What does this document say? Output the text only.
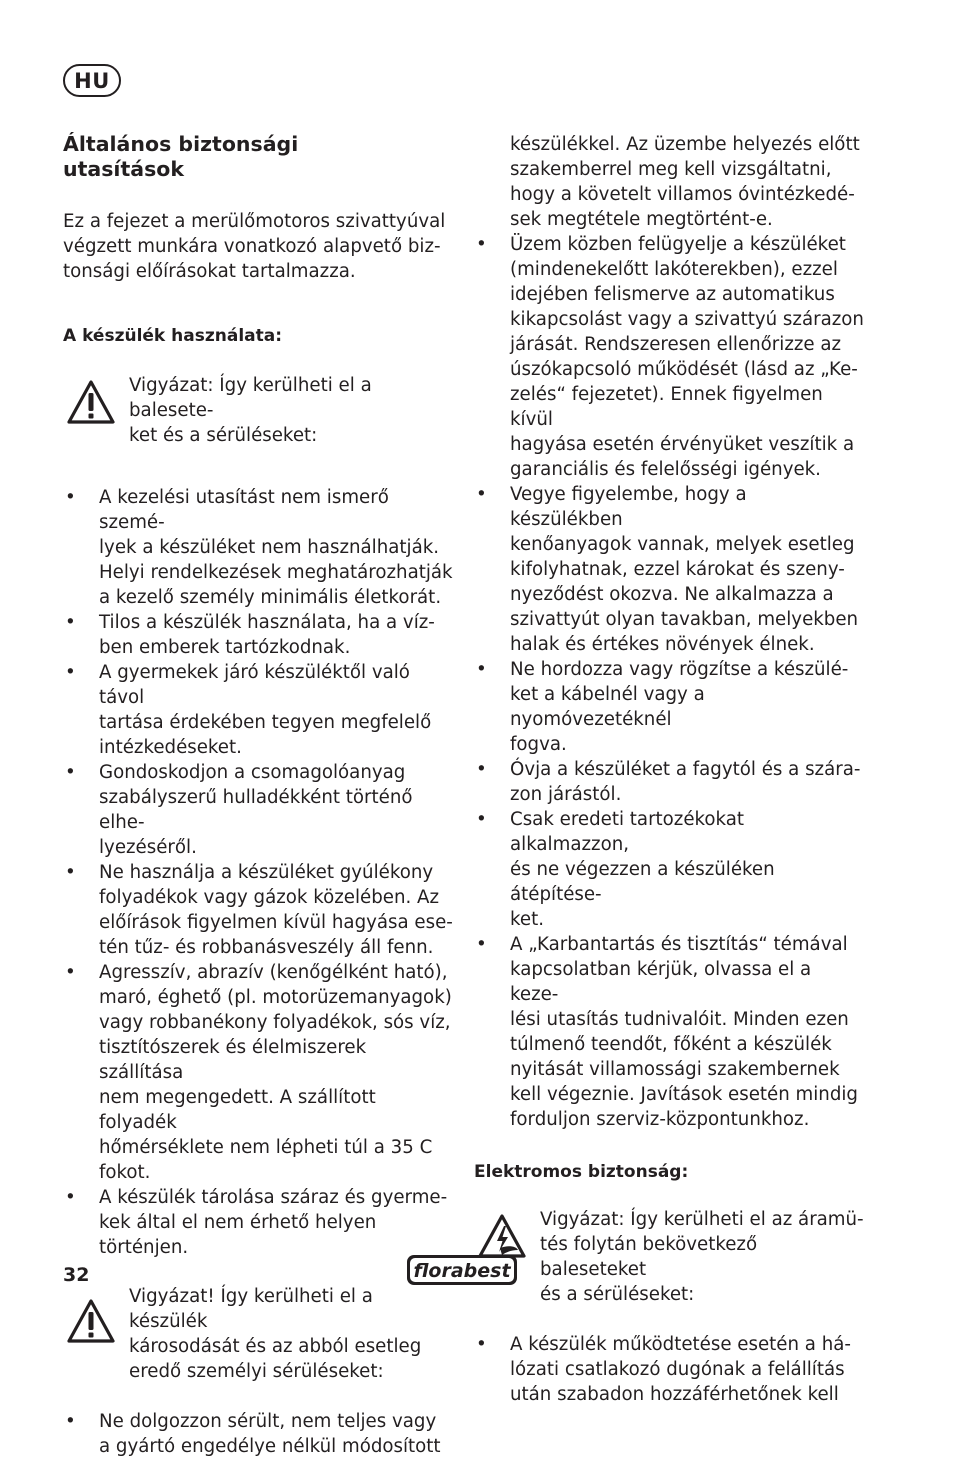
HU
Általános biztonsági
utasítások

Ez a fejezet a merülőmotoros szivattyúval
végzett munkára vonatkozó alapvető biz-
tonsági előírásokat tartalmazza.

A készülék használata:

Vigyázat: Így kerülheti el a balesete-
ket és a sérüléseket:

• A kezelési utasítást nem ismerő szemé-
lyek a készüléket nem használhatják.
Helyi rendelkezések meghatározhatják
a kezelő személy minimális életkorát.
• Tilos a készülék használata, ha a víz-
ben emberek tartózkodnak.
• A gyermekek járó készüléktől való távol
tartása érdekében tegyen megfelelő
intézkedéseket.
• Gondoskodjon a csomagolóanyag
szabályszerű hulladékként történő elhe-
lyezéséről.
• Ne használja a készüléket gyúlékony
folyadékok vagy gázok közelében. Az
előírások figyelmen kívül hagyása ese-
tén tűz- és robbanásveszély áll fenn.
• Agresszív, abrazív (kenőgélként ható),
maró, éghető (pl. motorüzemanyagok)
vagy robbanékony folyadékok, sós víz,
tisztítószerek és élelmiszerek szállítása
nem megengedett. A szállított folyadék
hőmérséklete nem lépheti túl a 35 C
fokot.
• A készülék tárolása száraz és gyerme-
kek által el nem érhető helyen történjen.

Vigyázat! Így kerülheti el a készülék
károsodását és az abból esetleg
eredő személyi sérüléseket:

• Ne dolgozzon sérült, nem teljes vagy
a gyártó engedélye nélkül módosított

készülékkel. Az üzembe helyezés előtt
szakemberrel meg kell vizsgáltatni,
hogy a követelt villamos óvintézkedé-
sek megtétele megtörtént-e.

• Üzem közben felügyelje a készüléket
(mindenekelőtt lakóterekben), ezzel
idejében felismerve az automatikus
kikapcsolást vagy a szivattyú szárazon
járását. Rendszeresen ellenőrizze az
úszókapcsoló működését (lásd az „Ke-
zelés“ fejezetet). Ennek figyelmen kívül
hagyása esetén érvényüket veszítik a
garanciális és felelősségi igények.
• Vegye figyelembe, hogy a készülékben
kenőanyagok vannak, melyek esetleg
kifolyhatnak, ezzel károkat és szeny-
nyeződést okozva. Ne alkalmazza a
szivattyút olyan tavakban, melyekben
halak és értékes növények élnek.
• Ne hordozza vagy rögzítse a készülé-
ket a kábelnél vagy a nyomóvezetéknél
fogva.
• Óvja a készüléket a fagytól és a szára-
zon járástól.
• Csak eredeti tartozékokat alkalmazzon,
és ne végezzen a készüléken átépítése-
ket.
• A „Karbantartás és tisztítás“ témával
kapcsolatban kérjük, olvassa el a keze-
lési utasítás tudnivalóit. Minden ezen
túlmenő teendőt, főként a készülék
nyitását villamossági szakembernek
kell végeznie. Javítások esetén mindig
forduljon szerviz-központunkhoz.
Elektromos biztonság:

Vigyázat: Így kerülheti el az áramü-
tés folytán bekövetkező baleseteket
és a sérüléseket:

• A készülék működtetése esetén a há-
lózati csatlakozó dugónak a felállítás
után szabadon hozzáférhetőnek kell
32	florabest
